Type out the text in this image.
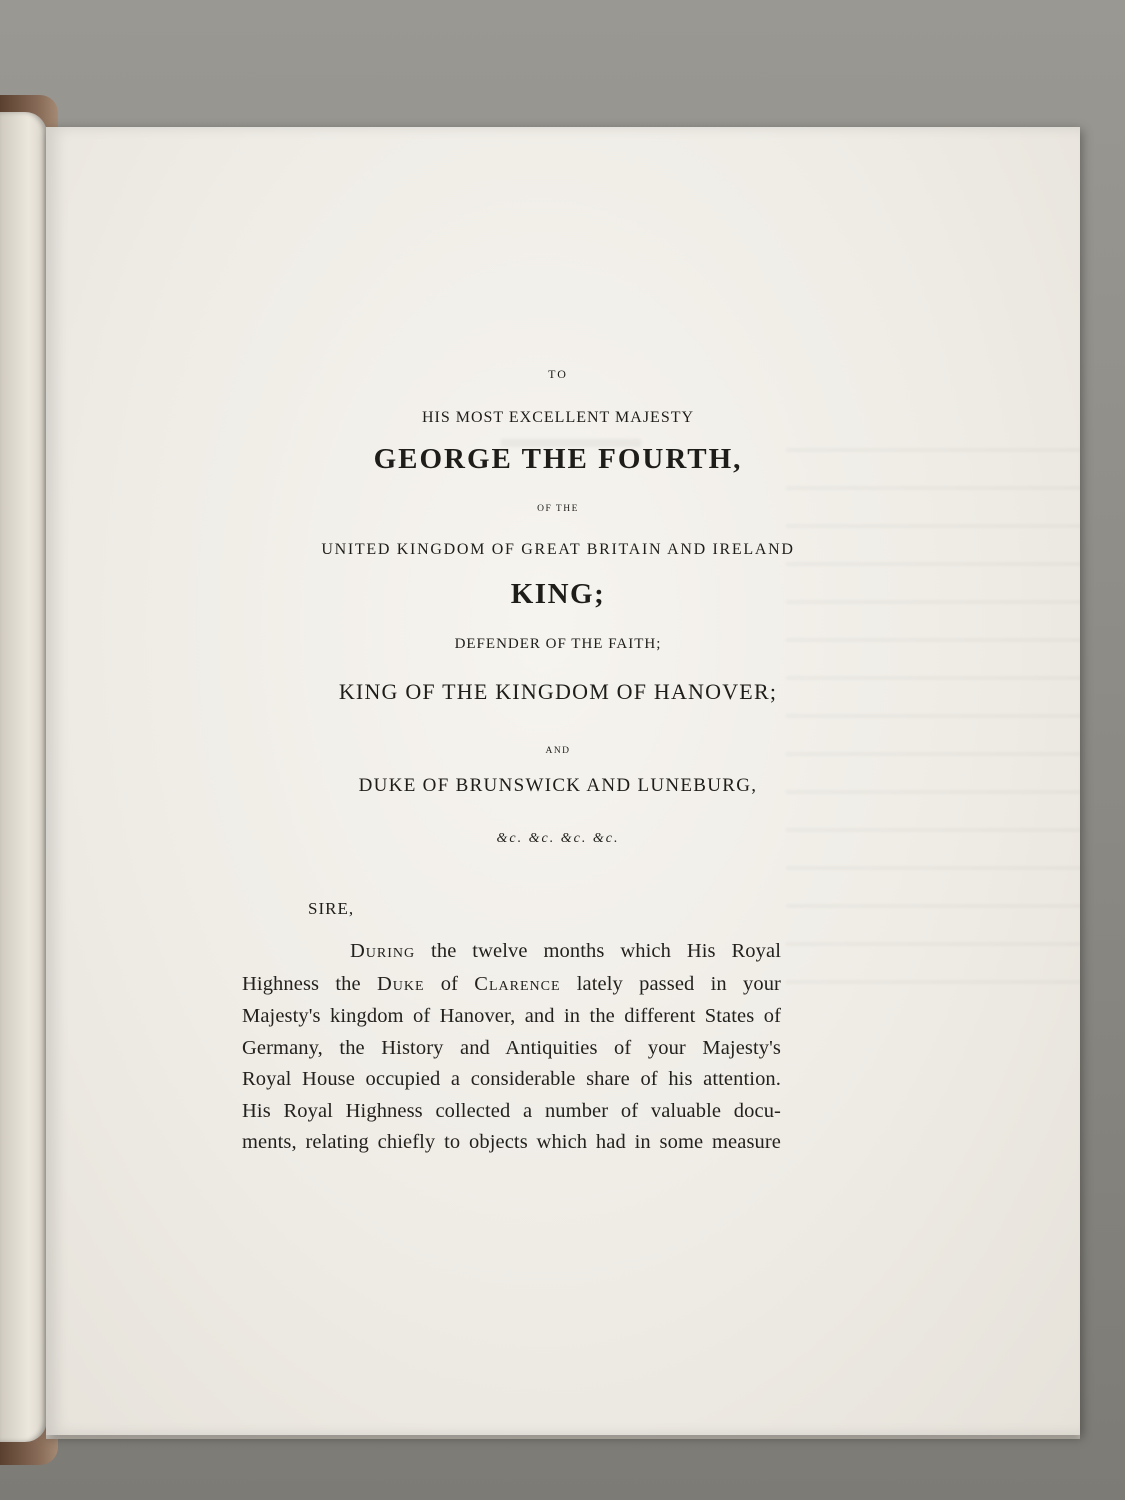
TO
HIS MOST EXCELLENT MAJESTY
GEORGE THE FOURTH,
OF THE
UNITED KINGDOM OF GREAT BRITAIN AND IRELAND
KING;
DEFENDER OF THE FAITH;
KING OF THE KINGDOM OF HANOVER;
AND
DUKE OF BRUNSWICK AND LUNEBURG,
&c. &c. &c. &c.
SIRE,
During the twelve months which His Royal
Highness the Duke of Clarence lately passed in your
Majesty's kingdom of Hanover, and in the different States of
Germany, the History and Antiquities of your Majesty's
Royal House occupied a considerable share of his attention.
His Royal Highness collected a number of valuable docu-
ments, relating chiefly to objects which had in some measure
